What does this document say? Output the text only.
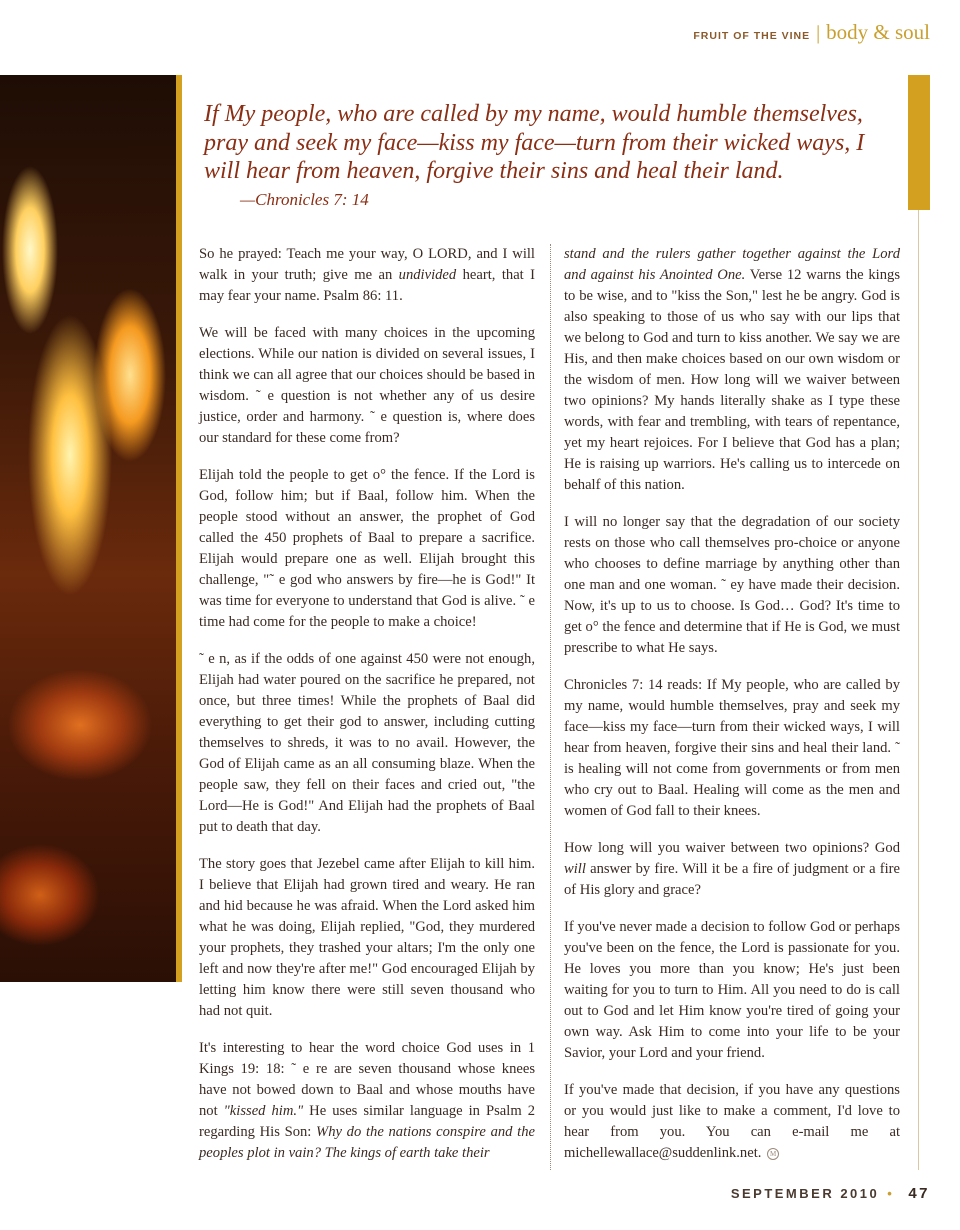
FRUIT OF THE VINE | body & soul

If My people, who are called by my name, would humble themselves, pray and seek my face—kiss my face—turn from their wicked ways, I will hear from heaven, forgive their sins and heal their land.

—Chronicles 7: 14

So he prayed: Teach me your way, O LORD, and I will walk in your truth; give me an undivided heart, that I may fear your name. Psalm 86: 11.

We will be faced with many choices in the upcoming elections. While our nation is divided on several issues, I think we can all agree that our choices should be based in wisdom. ˜ e question is not whether any of us desire justice, order and harmony. ˜ e question is, where does our standard for these come from?

Elijah told the people to get o° the fence. If the Lord is God, follow him; but if Baal, follow him. When the people stood without an answer, the prophet of God called the 450 prophets of Baal to prepare a sacrifice. Elijah would prepare one as well. Elijah brought this challenge, "˜ e god who answers by fire—he is God!" It was time for everyone to understand that God is alive. ˜ e time had come for the people to make a choice!

˜ e n, as if the odds of one against 450 were not enough, Elijah had water poured on the sacrifice he prepared, not once, but three times! While the prophets of Baal did everything to get their god to answer, including cutting themselves to shreds, it was to no avail. However, the God of Elijah came as an all consuming blaze. When the people saw, they fell on their faces and cried out, "the Lord—He is God!" And Elijah had the prophets of Baal put to death that day.

The story goes that Jezebel came after Elijah to kill him. I believe that Elijah had grown tired and weary. He ran and hid because he was afraid. When the Lord asked him what he was doing, Elijah replied, "God, they murdered your prophets, they trashed your altars; I'm the only one left and now they're after me!" God encouraged Elijah by letting him know there were still seven thousand who had not quit.

It's interesting to hear the word choice God uses in 1 Kings 19: 18: ˜ e re are seven thousand whose knees have not bowed down to Baal and whose mouths have not "kissed him." He uses similar language in Psalm 2 regarding His Son: Why do the nations conspire and the peoples plot in vain? The kings of earth take their

stand and the rulers gather together against the Lord and against his Anointed One. Verse 12 warns the kings to be wise, and to "kiss the Son," lest he be angry. God is also speaking to those of us who say with our lips that we belong to God and turn to kiss another. We say we are His, and then make choices based on our own wisdom or the wisdom of men. How long will we waiver between two opinions? My hands literally shake as I type these words, with fear and trembling, with tears of repentance, yet my heart rejoices. For I believe that God has a plan; He is raising up warriors. He's calling us to intercede on behalf of this nation.

I will no longer say that the degradation of our society rests on those who call themselves pro-choice or anyone who chooses to define marriage by anything other than one man and one woman. ˜ ey have made their decision. Now, it's up to us to choose. Is God… God? It's time to get o° the fence and determine that if He is God, we must prescribe to what He says.

Chronicles 7: 14 reads: If My people, who are called by my name, would humble themselves, pray and seek my face—kiss my face—turn from their wicked ways, I will hear from heaven, forgive their sins and heal their land. ˜ is healing will not come from governments or from men who cry out to Baal. Healing will come as the men and women of God fall to their knees.

How long will you waiver between two opinions? God will answer by fire. Will it be a fire of judgment or a fire of His glory and grace?

If you've never made a decision to follow God or perhaps you've been on the fence, the Lord is passionate for you. He loves you more than you know; He's just been waiting for you to turn to Him. All you need to do is call out to God and let Him know you're tired of going your own way. Ask Him to come into your life to be your Savior, your Lord and your friend.

If you've made that decision, if you have any questions or you would just like to make a comment, I'd love to hear from you. You can e-mail me at michellewallace@suddenlink.net. M

SEPTEMBER 2010 • 47
